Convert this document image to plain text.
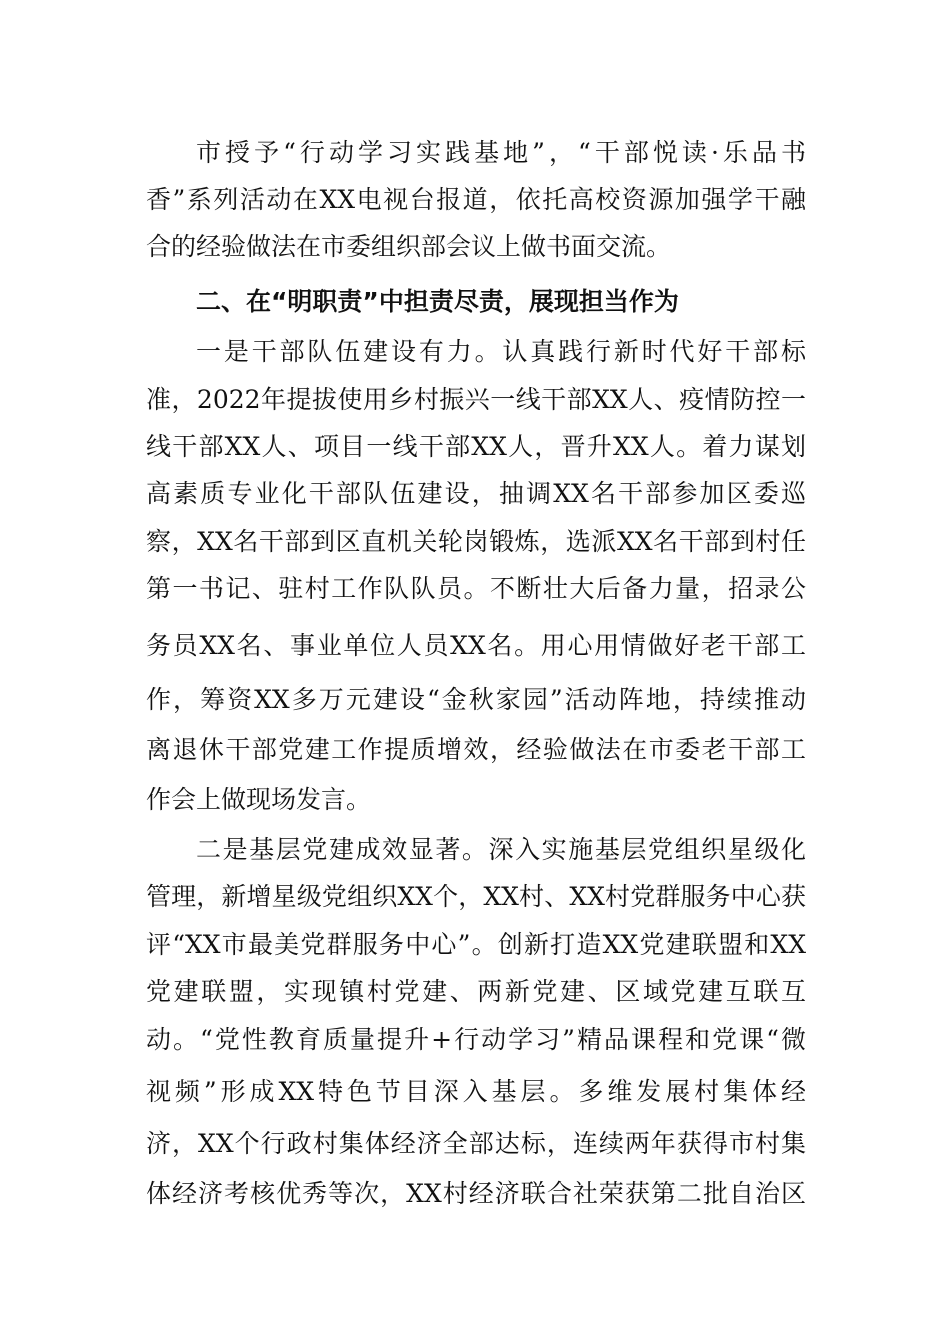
市授予“行动学习实践基地”，“干部悦读·乐品书
香”系列活动在XX电视台报道，依托高校资源加强学干融
合的经验做法在市委组织部会议上做书面交流。
二、在“明职责”中担责尽责，展现担当作为
一是干部队伍建设有力。认真践行新时代好干部标
准，2022年提拔使用乡村振兴一线干部XX人、疫情防控一
线干部XX人、项目一线干部XX人，晋升XX人。着力谋划
高素质专业化干部队伍建设，抽调XX名干部参加区委巡
察，XX名干部到区直机关轮岗锻炼，选派XX名干部到村任
第一书记、驻村工作队队员。不断壮大后备力量，招录公
务员XX名、事业单位人员XX名。用心用情做好老干部工
作，筹资XX多万元建设“金秋家园”活动阵地，持续推动
离退休干部党建工作提质增效，经验做法在市委老干部工
作会上做现场发言。
二是基层党建成效显著。深入实施基层党组织星级化
管理，新增星级党组织XX个，XX村、XX村党群服务中心获
评“XX市最美党群服务中心”。创新打造XX党建联盟和XX
党建联盟，实现镇村党建、两新党建、区域党建互联互
动。“党性教育质量提升+行动学习”精品课程和党课“微
视频”形成XX特色节目深入基层。多维发展村集体经
济，XX个行政村集体经济全部达标，连续两年获得市村集
体经济考核优秀等次，XX村经济联合社荣获第二批自治区
